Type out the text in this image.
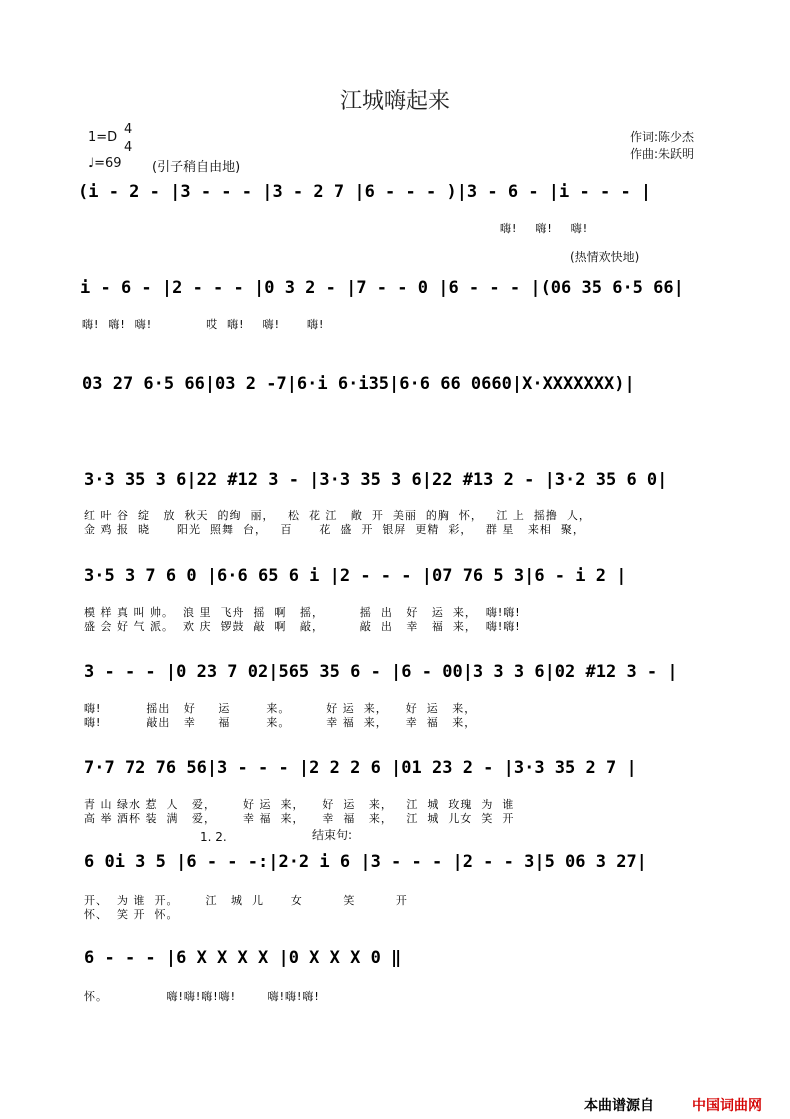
江城嗨起来
1=D
4
4
♩=69 (引子稍自由地)
作词:陈少杰
作曲:朱跃明
(i - 2 - |3 - - - |3 - 2 7 |6 - - - )|3 - 6 - |i - - - |
嗨!    嗨!    嗨!
(热情欢快地)
i - 6 - |2 - - - |0 3 2 - |7 - - 0 |6 - - - |(06 35 6·5 66|
嗨!  嗨!  嗨!            哎  嗨!    嗨!      嗨!
03 27 6·5 66|03 2 -7|6·i 6·i35|6·6 66 0660|X·XXXXXXX)|
3·3 35 3 6|22 #12 3 - |3·3 35 3 6|22 #13 2 - |3·2 35 6 0|
红 叶 谷  绽   放  秋天  的绚  丽，   松  花 江   敞  开  美丽  的胸  怀，   江 上  摇撸  人，
金 鸡 报  晓      阳光  照舞  台，   百      花  盛  开  银屏  更精  彩，   群 星   来相  聚，
3·5 3 7 6 0 |6·6 65 6 i |2 - - - |07 76 5 3|6 - i 2 |
模 样 真 叫 帅。  浪 里  飞舟  摇  啊   摇，        摇  出   好   运  来，  嗨!嗨!
盛 会 好 气 派。  欢 庆  锣鼓  敲  啊   敲，        敲  出   幸   福  来，  嗨!嗨!
3 - - - |0 23 7 02|565 35 6 - |6 - 00|3 3 3 6|02 #12 3 - |
嗨!          摇出   好     运        来。        好 运  来，    好  运   来，
嗨!          敲出   幸     福        来。        幸 福  来，    幸  福   来，
7·7 72 76 56|3 - - - |2 2 2 6 |01 23 2 - |3·3 35 2 7 |
青 山 绿水 惹  人   爱，      好 运  来，    好  运   来，   江  城  玫瑰  为  谁
高 举 酒杯 装  满   爱，      幸 福  来，    幸  福   来，   江  城  儿女  笑  开
1. 2.	结束句:
6 0i 3 5 |6 - - -:|2·2 i 6 |3 - - - |2 - - 3|5 06 3 27|
开、  为 谁  开。      江   城  儿      女         笑         开
怀、  笑 开  怀。
6 - - - |6 X X X X |0 X X X 0 ‖
怀。             嗨!嗨!嗨!嗨!       嗨!嗨!嗨!
本曲谱源自	中国词曲网
